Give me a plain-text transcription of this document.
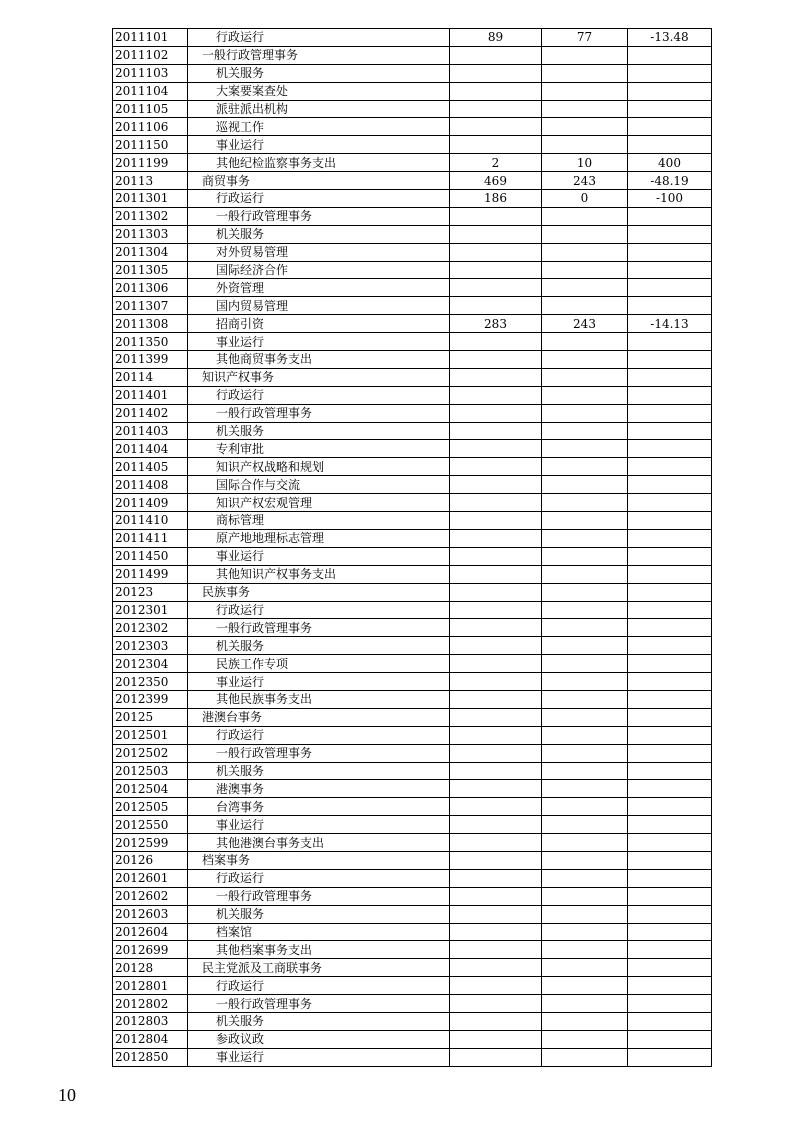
2011101	行政运行	89	77	-13.48
2011102	一般行政管理事务			
2011103	机关服务			
2011104	大案要案查处			
2011105	派驻派出机构			
2011106	巡视工作			
2011150	事业运行			
2011199	其他纪检监察事务支出	2	10	400
20113	商贸事务	469	243	-48.19
2011301	行政运行	186	0	-100
2011302	一般行政管理事务			
2011303	机关服务			
2011304	对外贸易管理			
2011305	国际经济合作			
2011306	外资管理			
2011307	国内贸易管理			
2011308	招商引资	283	243	-14.13
2011350	事业运行			
2011399	其他商贸事务支出			
20114	知识产权事务			
2011401	行政运行			
2011402	一般行政管理事务			
2011403	机关服务			
2011404	专利审批			
2011405	知识产权战略和规划			
2011408	国际合作与交流			
2011409	知识产权宏观管理			
2011410	商标管理			
2011411	原产地地理标志管理			
2011450	事业运行			
2011499	其他知识产权事务支出			
20123	民族事务			
2012301	行政运行			
2012302	一般行政管理事务			
2012303	机关服务			
2012304	民族工作专项			
2012350	事业运行			
2012399	其他民族事务支出			
20125	港澳台事务			
2012501	行政运行			
2012502	一般行政管理事务			
2012503	机关服务			
2012504	港澳事务			
2012505	台湾事务			
2012550	事业运行			
2012599	其他港澳台事务支出			
20126	档案事务			
2012601	行政运行			
2012602	一般行政管理事务			
2012603	机关服务			
2012604	档案馆			
2012699	其他档案事务支出			
20128	民主党派及工商联事务			
2012801	行政运行			
2012802	一般行政管理事务			
2012803	机关服务			
2012804	参政议政			
2012850	事业运行			
10
